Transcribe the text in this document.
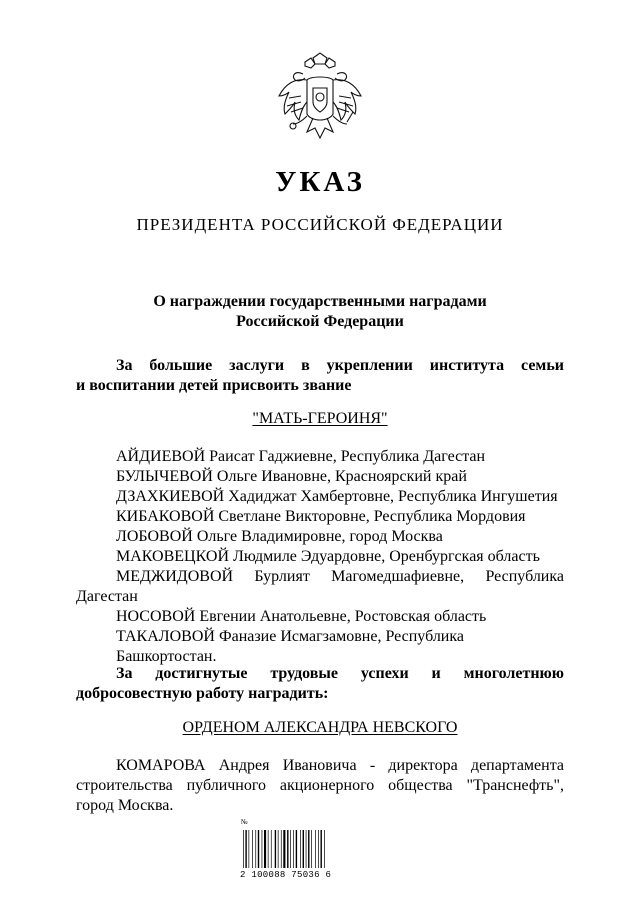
УКАЗ
ПРЕЗИДЕНТА РОССИЙСКОЙ ФЕДЕРАЦИИ
О награждении государственными наградами
Российской Федерации
За большие заслуги в укреплении института семьи
и воспитании детей присвоить звание
"МАТЬ-ГЕРОИНЯ"
АЙДИЕВОЙ Раисат Гаджиевне, Республика Дагестан
БУЛЫЧЕВОЙ Ольге Ивановне, Красноярский край
ДЗАХКИЕВОЙ Хадиджат Хамбертовне, Республика Ингушетия
КИБАКОВОЙ Светлане Викторовне, Республика Мордовия
ЛОБОВОЙ Ольге Владимировне, город Москва
МАКОВЕЦКОЙ Людмиле Эдуардовне, Оренбургская область
МЕДЖИДОВОЙ Бурлият Магомедшафиевне, Республика
Дагестан
НОСОВОЙ Евгении Анатольевне, Ростовская область
ТАКАЛОВОЙ Фаназие Исмагзамовне, Республика Башкортостан.
За достигнутые трудовые успехи и многолетнюю
добросовестную работу наградить:
ОРДЕНОМ АЛЕКСАНДРА НЕВСКОГО
КОМАРОВА Андрея Ивановича - директора департамента
строительства публичного акционерного общества "Транснефть",
город Москва.
№
2 100088 75036 6
